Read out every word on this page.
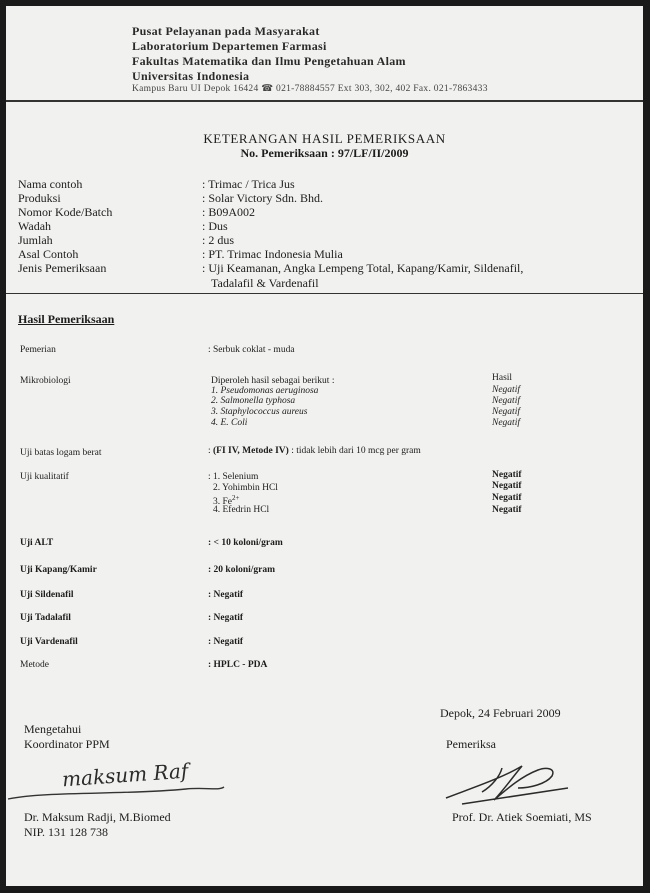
Pusat Pelayanan pada Masyarakat
Laboratorium Departemen Farmasi
Fakultas Matematika dan Ilmu Pengetahuan Alam
Universitas Indonesia
Kampus Baru UI Depok 16424 ☎ 021-78884557 Ext 303, 302, 402 Fax. 021-7863433
KETERANGAN HASIL PEMERIKSAAN
No. Pemeriksaan : 97/LF/II/2009
Nama contoh	: Trimac / Trica Jus
Produksi	: Solar Victory Sdn. Bhd.
Nomor Kode/Batch	: B09A002
Wadah	: Dus
Jumlah	: 2 dus
Asal Contoh	: PT. Trimac Indonesia Mulia
Jenis Pemeriksaan	: Uji Keamanan, Angka Lempeng Total, Kapang/Kamir, Sildenafil,
Tadalafil & Vardenafil
Hasil Pemeriksaan
Pemerian	: Serbuk coklat - muda
Mikrobiologi	Diperoleh hasil sebagai berikut :	Hasil
1. Pseudomonas aeruginosa	Negatif
2. Salmonella typhosa	Negatif
3. Staphylococcus aureus	Negatif
4. E. Coli	Negatif
Uji batas logam berat	: (FI IV, Metode IV) : tidak lebih dari 10 mcg per gram
Uji kualitatif	: 1. Selenium	Negatif
2. Yohimbin HCl	Negatif
3. $Fe^{2+}$	Negatif
4. Efedrin HCl	Negatif
Uji ALT	: < 10 koloni/gram
Uji Kapang/Kamir	: 20 koloni/gram
Uji Sildenafil	: Negatif
Uji Tadalafil	: Negatif
Uji Vardenafil	: Negatif
Metode	: HPLC - PDA
Depok, 24 Februari 2009
Mengetahui
Koordinator PPM	Pemeriksa
maksum Raf
Dr. Maksum Radji, M.Biomed	Prof. Dr. Atiek Soemiati, MS
NIP. 131 128 738
